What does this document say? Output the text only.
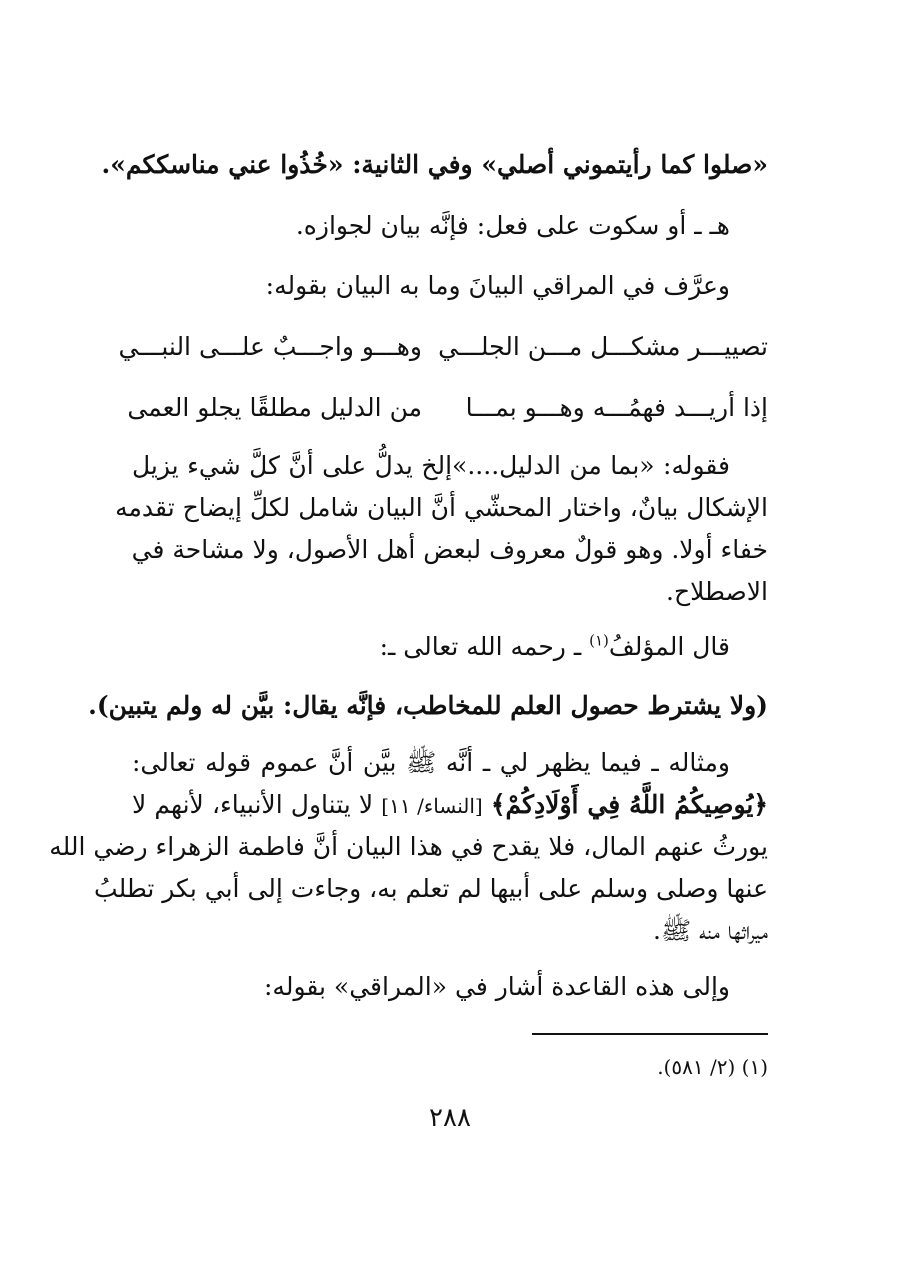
«صلوا كما رأيتموني أصلي» وفي الثانية: «خُذُوا عني مناسككم».
هـ ـ أو سكوت على فعل: فإنَّه بيان لجوازه.
وعرَّف في المراقي البيانَ وما به البيان بقوله:
تصييـــر مشكـــل مـــن الجلـــي
وهـــو واجـــبٌ علـــى النبـــي
إذا أريـــد فهمُـــه وهـــو بمـــا
من الدليل مطلقًا يجلو العمى
فقوله: «بما من الدليل....»إلخ يدلُّ على أنَّ كلَّ شيء يزيل
الإشكال بيانٌ، واختار المحشّي أنَّ البيان شامل لكلِّ إيضاح تقدمه
خفاء أولا. وهو قولٌ معروف لبعض أهل الأصول، ولا مشاحة في
الاصطلاح.
قال المؤلفُ$^{(١)}$ ـ رحمه الله تعالى ـ:
(ولا يشترط حصول العلم للمخاطب، فإنَّه يقال: بيَّن له ولم يتبين).
ومثاله ـ فيما يظهر لي ـ أنَّه ﷺ بيَّن أنَّ عموم قوله تعالى:
﴿يُوصِيكُمُ اللَّهُ فِي أَوْلَادِكُمْ﴾ [النساء/ ١١] لا يتناول الأنبياء، لأنهم لا
يورثُ عنهم المال، فلا يقدح في هذا البيان أنَّ فاطمة الزهراء رضي الله
عنها وصلى وسلم على أبيها لم تعلم به، وجاءت إلى أبي بكر تطلبُ
ميراثها منه ﷺ.
وإلى هذه القاعدة أشار في «المراقي» بقوله:
(١) (٢/ ٥٨١).
٢٨٨
